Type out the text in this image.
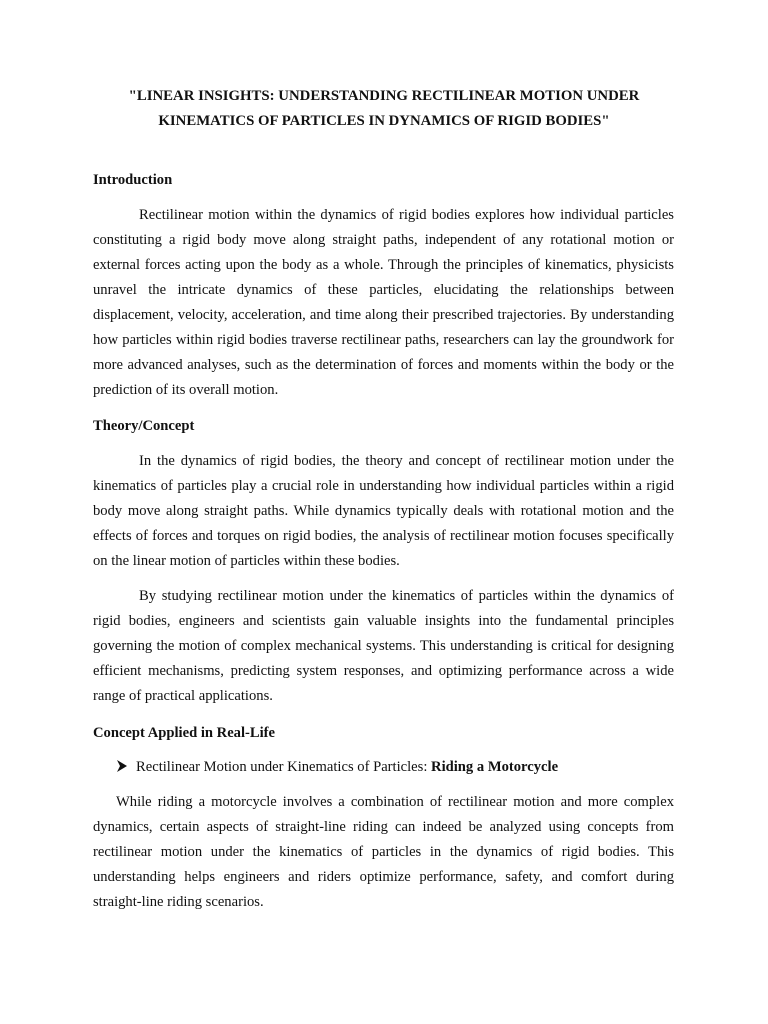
"LINEAR INSIGHTS: UNDERSTANDING RECTILINEAR MOTION UNDER
KINEMATICS OF PARTICLES IN DYNAMICS OF RIGID BODIES"
Introduction

Rectilinear motion within the dynamics of rigid bodies explores how individual particles constituting a rigid body move along straight paths, independent of any rotational motion or external forces acting upon the body as a whole. Through the principles of kinematics, physicists unravel the intricate dynamics of these particles, elucidating the relationships between displacement, velocity, acceleration, and time along their prescribed trajectories. By understanding how particles within rigid bodies traverse rectilinear paths, researchers can lay the groundwork for more advanced analyses, such as the determination of forces and moments within the body or the prediction of its overall motion.

Theory/Concept

In the dynamics of rigid bodies, the theory and concept of rectilinear motion under the kinematics of particles play a crucial role in understanding how individual particles within a rigid body move along straight paths. While dynamics typically deals with rotational motion and the effects of forces and torques on rigid bodies, the analysis of rectilinear motion focuses specifically on the linear motion of particles within these bodies.

By studying rectilinear motion under the kinematics of particles within the dynamics of rigid bodies, engineers and scientists gain valuable insights into the fundamental principles governing the motion of complex mechanical systems. This understanding is critical for designing efficient mechanisms, predicting system responses, and optimizing performance across a wide range of practical applications.

Concept Applied in Real-Life

Rectilinear Motion under Kinematics of Particles: Riding a Motorcycle

While riding a motorcycle involves a combination of rectilinear motion and more complex dynamics, certain aspects of straight-line riding can indeed be analyzed using concepts from rectilinear motion under the kinematics of particles in the dynamics of rigid bodies. This understanding helps engineers and riders optimize performance, safety, and comfort during straight-line riding scenarios.
